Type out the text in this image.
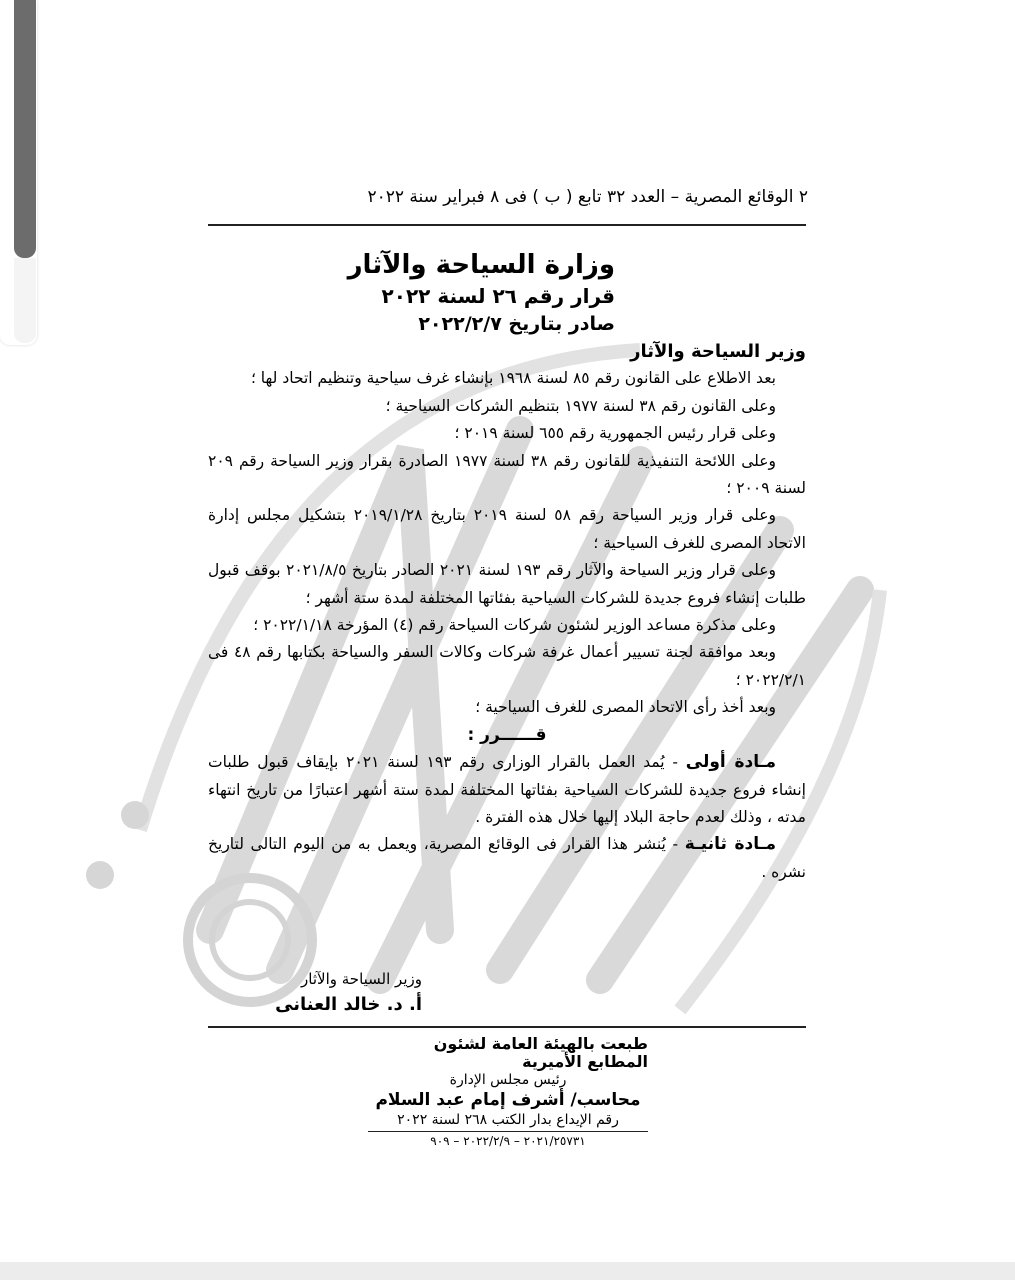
٢ الوقائع المصرية – العدد ٣٢ تابع ( ب ) فى ٨ فبراير سنة ٢٠٢٢
وزارة السياحة والآثار
قرار رقم ٢٦ لسنة ٢٠٢٢
صادر بتاريخ ٢٠٢٢/٢/٧

وزير السياحة والآثار

بعد الاطلاع على القانون رقم ٨٥ لسنة ١٩٦٨ بإنشاء غرف سياحية وتنظيم اتحاد لها ؛

وعلى القانون رقم ٣٨ لسنة ١٩٧٧ بتنظيم الشركات السياحية ؛

وعلى قرار رئيس الجمهورية رقم ٦٥٥ لسنة ٢٠١٩ ؛

وعلى اللائحة التنفيذية للقانون رقم ٣٨ لسنة ١٩٧٧ الصادرة بقرار وزير السياحة رقم ٢٠٩ لسنة ٢٠٠٩ ؛

وعلى قرار وزير السياحة رقم ٥٨ لسنة ٢٠١٩ بتاريخ ٢٠١٩/١/٢٨ بتشكيل مجلس إدارة الاتحاد المصرى للغرف السياحية ؛

وعلى قرار وزير السياحة والآثار رقم ١٩٣ لسنة ٢٠٢١ الصادر بتاريخ ٢٠٢١/٨/٥ بوقف قبول طلبات إنشاء فروع جديدة للشركات السياحية بفئاتها المختلفة لمدة ستة أشهر ؛

وعلى مذكرة مساعد الوزير لشئون شركات السياحة رقم (٤) المؤرخة ٢٠٢٢/١/١٨ ؛

وبعد موافقة لجنة تسيير أعمال غرفة شركات وكالات السفر والسياحة بكتابها رقم ٤٨ فى ٢٠٢٢/٢/١ ؛

وبعد أخذ رأى الاتحاد المصرى للغرف السياحية ؛

قــــــرر :

مـادة أولى - يُمد العمل بالقرار الوزارى رقم ١٩٣ لسنة ٢٠٢١ بإيقاف قبول طلبات إنشاء فروع جديدة للشركات السياحية بفئاتها المختلفة لمدة ستة أشهر اعتبارًا من تاريخ انتهاء مدته ، وذلك لعدم حاجة البلاد إليها خلال هذه الفترة .

مـادة ثانيـة - يُنشر هذا القرار فى الوقائع المصرية، ويعمل به من اليوم التالى لتاريخ نشره .

وزير السياحة والآثار
أ. د. خالد العنانى
طبعت بالهيئة العامة لشئون المطابع الأميرية
رئيس مجلس الإدارة
محاسب/ أشرف إمام عبد السلام
رقم الإيداع بدار الكتب ٢٦٨ لسنة ٢٠٢٢
٢٠٢١/٢٥٧٣١ – ٢٠٢٢/٢/٩ – ٩٠٩
